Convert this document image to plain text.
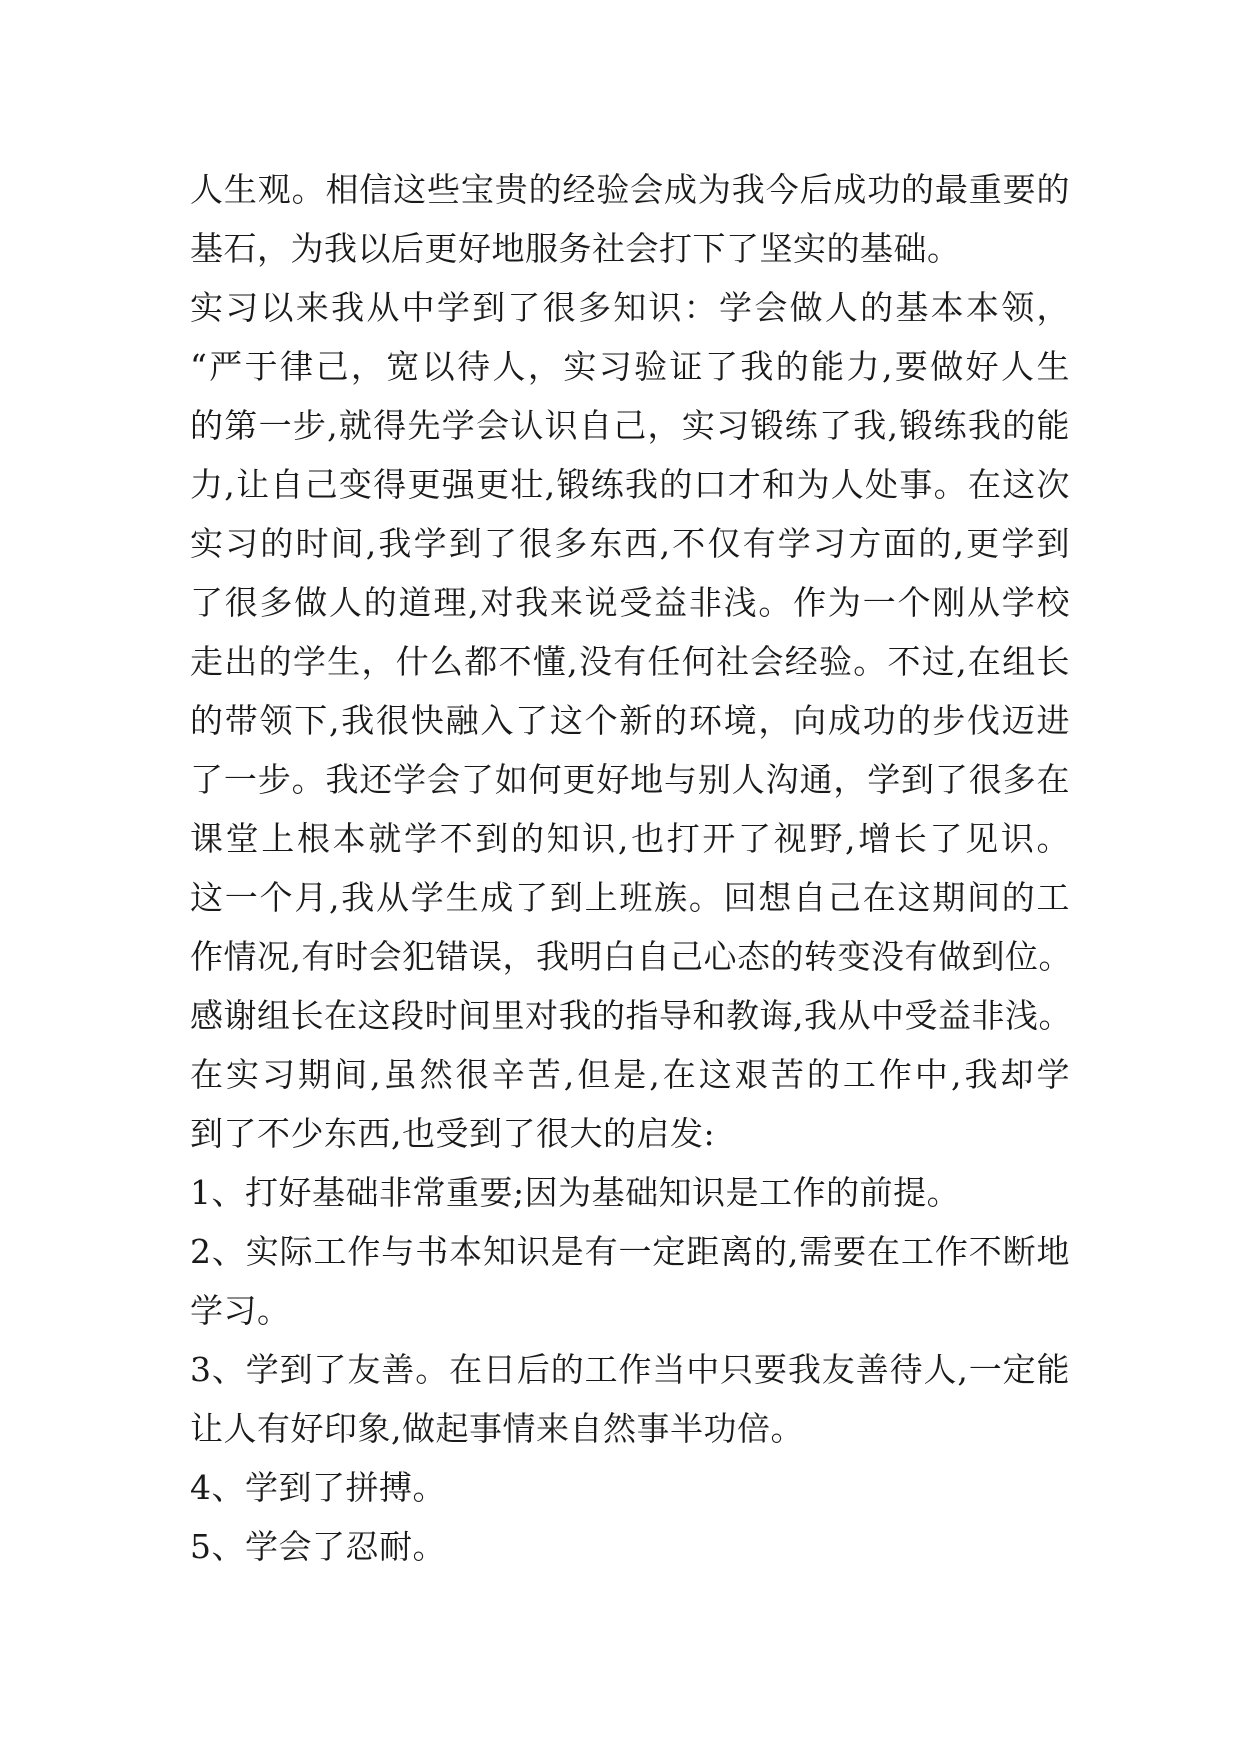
人生观。相信这些宝贵的经验会成为我今后成功的最重要的
基石，为我以后更好地服务社会打下了坚实的基础。
实习以来我从中学到了很多知识：学会做人的基本本领，
“严于律己，宽以待人，实习验证了我的能力,要做好人生
的第一步,就得先学会认识自己，实习锻练了我,锻练我的能
力,让自己变得更强更壮,锻练我的口才和为人处事。在这次
实习的时间,我学到了很多东西,不仅有学习方面的,更学到
了很多做人的道理,对我来说受益非浅。作为一个刚从学校
走出的学生，什么都不懂,没有任何社会经验。不过,在组长
的带领下,我很快融入了这个新的环境，向成功的步伐迈进
了一步。我还学会了如何更好地与别人沟通，学到了很多在
课堂上根本就学不到的知识,也打开了视野,增长了见识。
这一个月,我从学生成了到上班族。回想自己在这期间的工
作情况,有时会犯错误，我明白自己心态的转变没有做到位。
感谢组长在这段时间里对我的指导和教诲,我从中受益非浅。
在实习期间,虽然很辛苦,但是,在这艰苦的工作中,我却学
到了不少东西,也受到了很大的启发:
1、打好基础非常重要;因为基础知识是工作的前提。
2、实际工作与书本知识是有一定距离的,需要在工作不断地
学习。
3、学到了友善。在日后的工作当中只要我友善待人,一定能
让人有好印象,做起事情来自然事半功倍。
4、学到了拼搏。
5、学会了忍耐。
